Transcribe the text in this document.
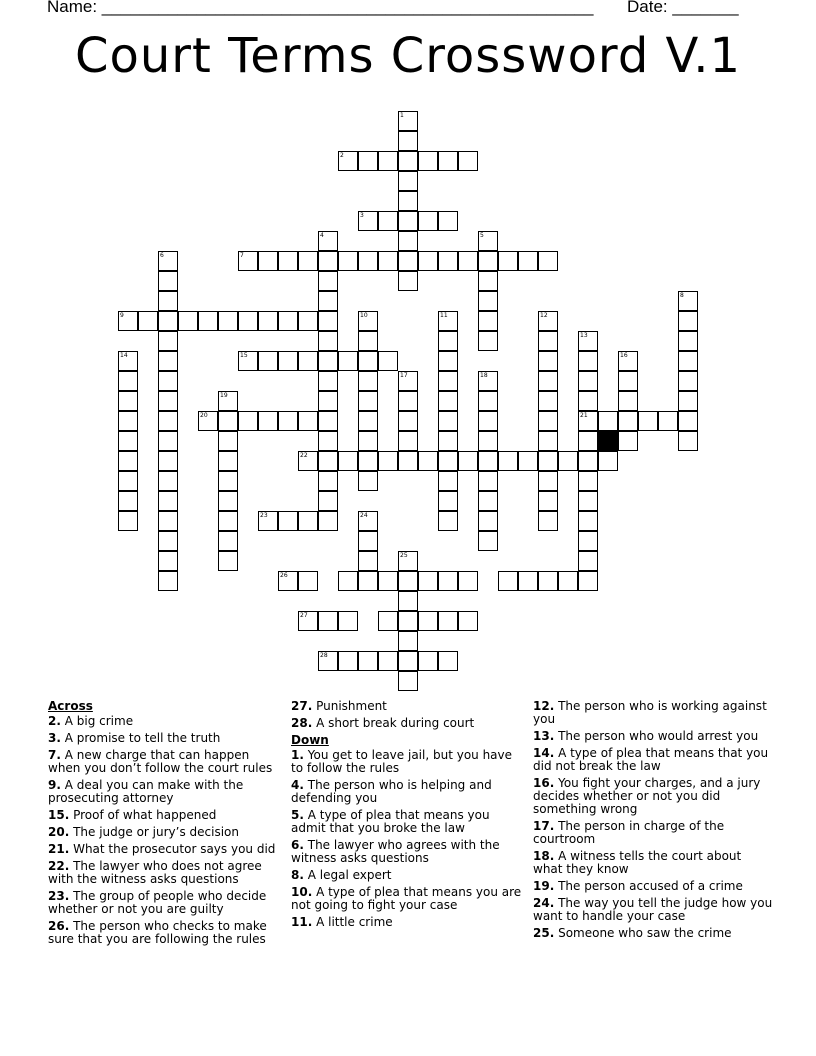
Name: ____________________________________________________ Date: _______
Court Terms Crossword V.1
1
2
3
7
4	5
6
8
9	10	11	12
13
14	15	16
17	18
19
20	21
22
23	24
25
26
27
28
Across
2. A big crime
3. A promise to tell the truth
7. A new charge that can happen when you don’t follow the court rules
9. A deal you can make with the prosecuting attorney
15. Proof of what happened
20. The judge or jury’s decision
21. What the prosecutor says you did
22. The lawyer who does not agree with the witness asks questions
23. The group of people who decide whether or not you are guilty
26. The person who checks to make sure that you are following the rules
27. Punishment
28. A short break during court
Down
1. You get to leave jail, but you have to follow the rules
4. The person who is helping and defending you
5. A type of plea that means you admit that you broke the law
6. The lawyer who agrees with the witness asks questions
8. A legal expert
10. A type of plea that means you are not going to fight your case
11. A little crime
12. The person who is working against you
13. The person who would arrest you
14. A type of plea that means that you did not break the law
16. You fight your charges, and a jury decides whether or not you did something wrong
17. The person in charge of the courtroom
18. A witness tells the court about what they know
19. The person accused of a crime
24. The way you tell the judge how you want to handle your case
25. Someone who saw the crime
